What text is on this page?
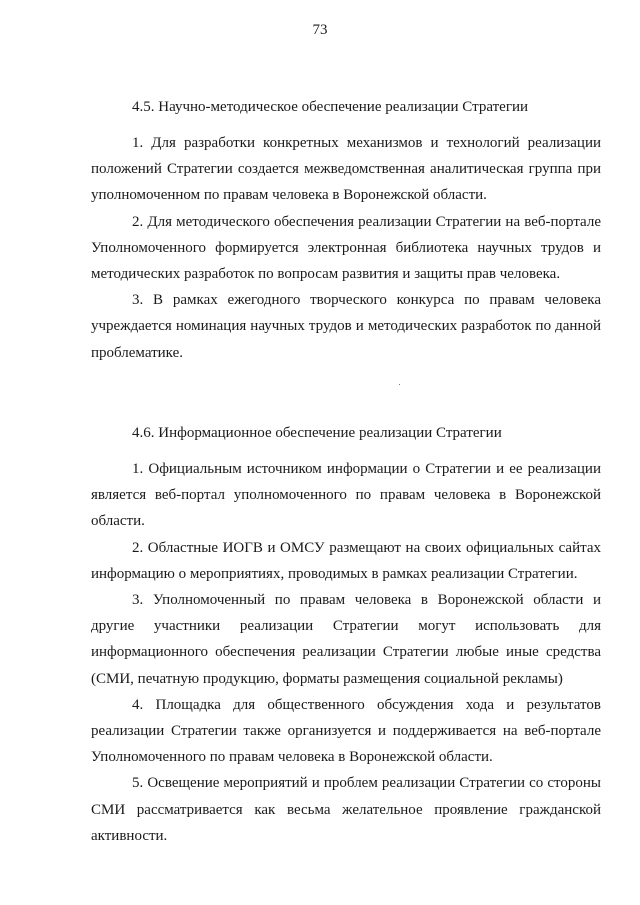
73
4.5. Научно-методическое обеспечение реализации Стратегии

1. Для разработки конкретных механизмов и технологий реализации положений Стратегии создается межведомственная аналитическая группа при уполномоченном по правам человека в Воронежской области.

2. Для методического обеспечения реализации Стратегии на веб-портале Уполномоченного формируется электронная библиотека научных трудов и методических разработок по вопросам развития и защиты прав человека.

3. В рамках ежегодного творческого конкурса по правам человека учреждается номинация научных трудов и методических разработок по данной проблематике.

4.6. Информационное обеспечение реализации Стратегии

1. Официальным источником информации о Стратегии и ее реализации является веб-портал уполномоченного по правам человека в Воронежской области.

2. Областные ИОГВ и ОМСУ размещают на своих официальных сайтах информацию о мероприятиях, проводимых в рамках реализации Стратегии.

3. Уполномоченный по правам человека в Воронежской области и другие участники реализации Стратегии могут использовать для информационного обеспечения реализации Стратегии любые иные средства (СМИ, печатную продукцию, форматы размещения социальной рекламы)

4. Площадка для общественного обсуждения хода и результатов реализации Стратегии также организуется и поддерживается на веб-портале Уполномоченного по правам человека в Воронежской области.

5. Освещение мероприятий и проблем реализации Стратегии со стороны СМИ рассматривается как весьма желательное проявление гражданской активности.
